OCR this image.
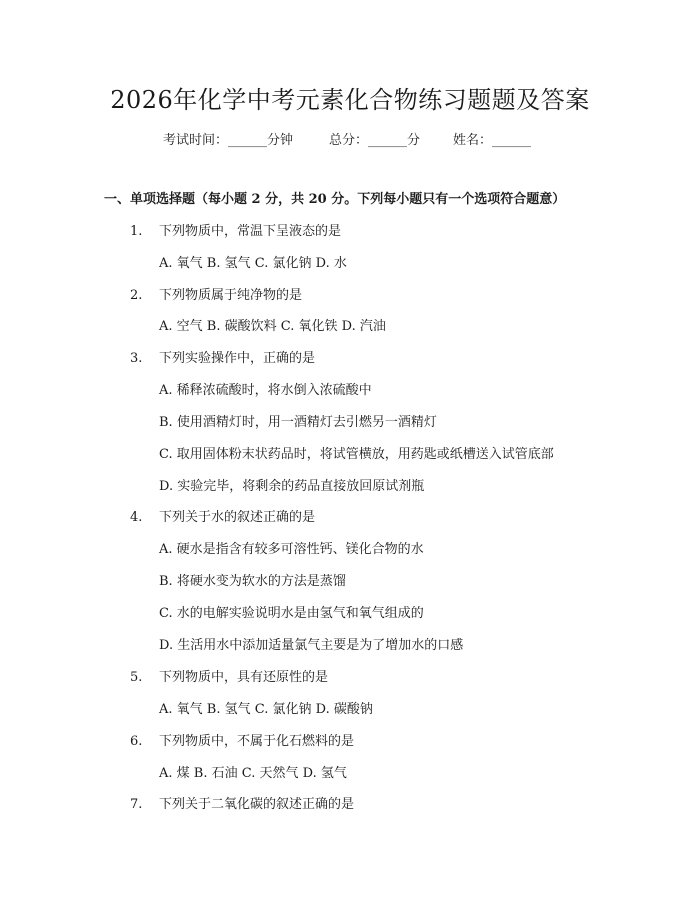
2026年化学中考元素化合物练习题题及答案
考试时间：______分钟	总分：______分	姓名：______
一、单项选择题（每小题 2 分，共 20 分。下列每小题只有一个选项符合题意）
1. 下列物质中，常温下呈液态的是
A. 氧气 B. 氢气 C. 氯化钠 D. 水
2. 下列物质属于纯净物的是
A. 空气 B. 碳酸饮料 C. 氧化铁 D. 汽油
3. 下列实验操作中，正确的是
A. 稀释浓硫酸时，将水倒入浓硫酸中
B. 使用酒精灯时，用一酒精灯去引燃另一酒精灯
C. 取用固体粉末状药品时，将试管横放，用药匙或纸槽送入试管底部
D. 实验完毕，将剩余的药品直接放回原试剂瓶
4. 下列关于水的叙述正确的是
A. 硬水是指含有较多可溶性钙、镁化合物的水
B. 将硬水变为软水的方法是蒸馏
C. 水的电解实验说明水是由氢气和氧气组成的
D. 生活用水中添加适量氯气主要是为了增加水的口感
5. 下列物质中，具有还原性的是
A. 氧气 B. 氢气 C. 氯化钠 D. 碳酸钠
6. 下列物质中，不属于化石燃料的是
A. 煤 B. 石油 C. 天然气 D. 氢气
7. 下列关于二氧化碳的叙述正确的是
